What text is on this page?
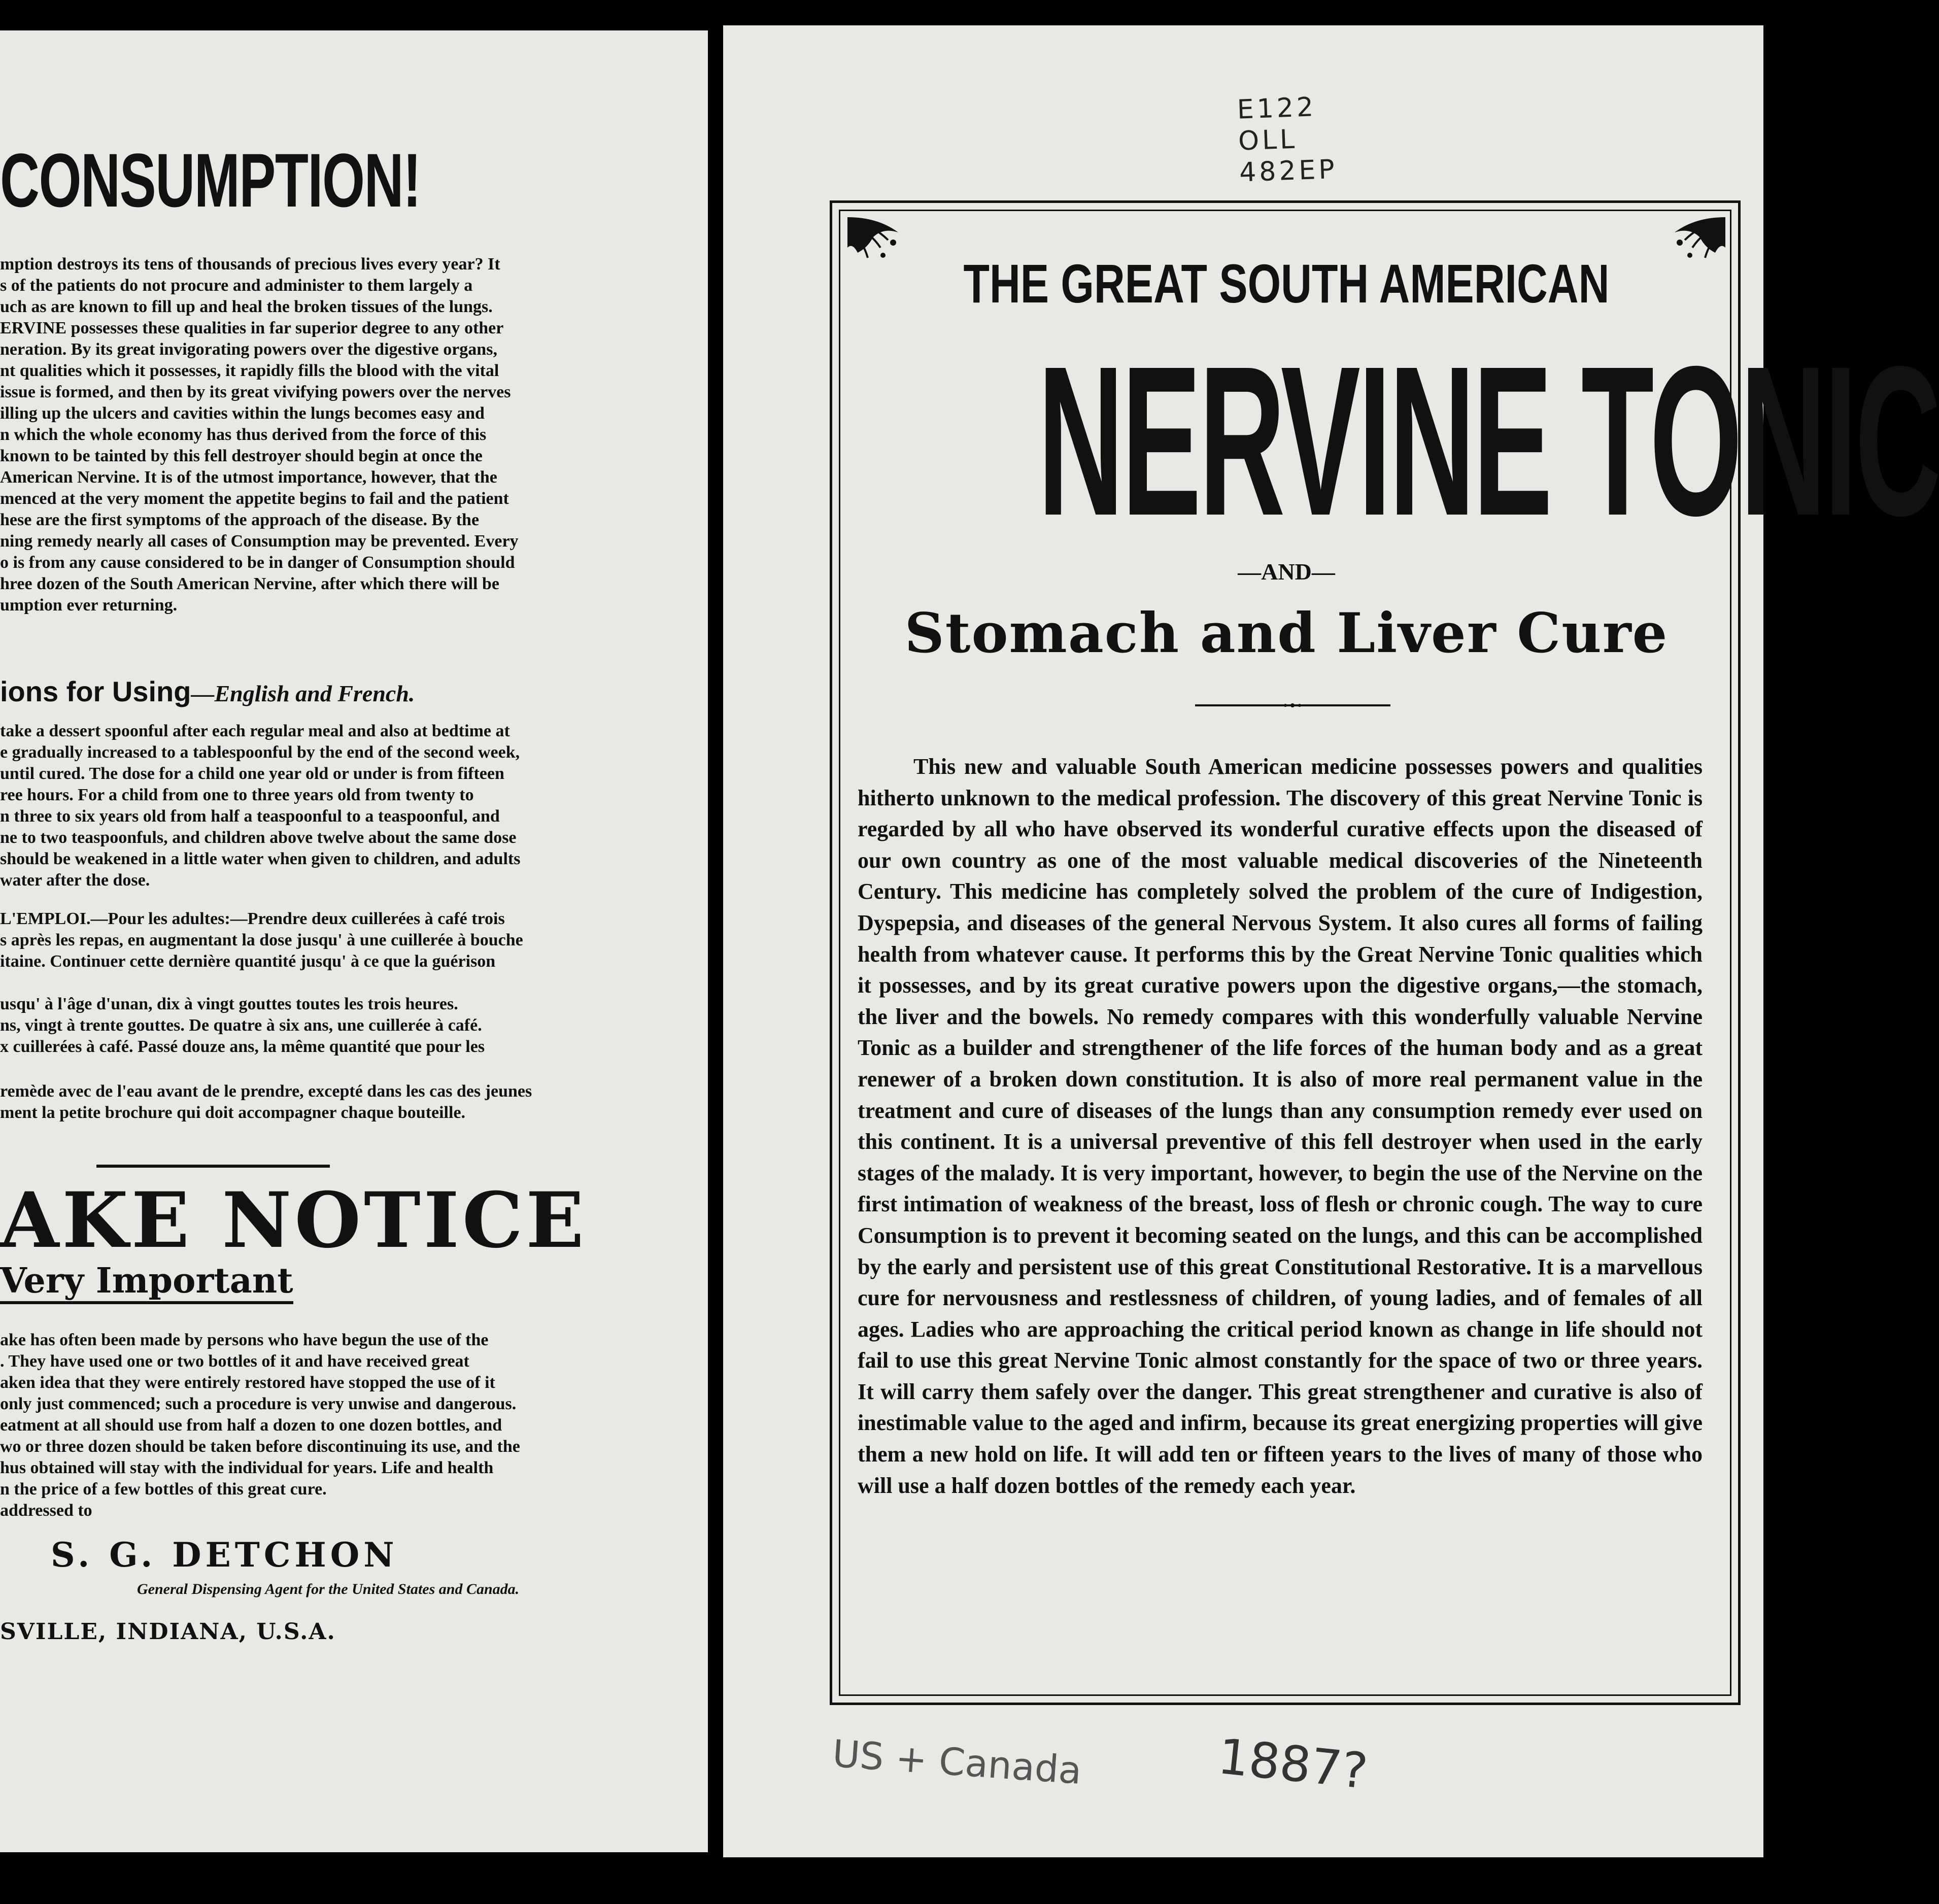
CONSUMPTION!

mption destroys its tens of thousands of precious lives every year? It

s of the patients do not procure and administer to them largely a

uch as are known to fill up and heal the broken tissues of the lungs.

ERVINE possesses these qualities in far superior degree to any other

neration. By its great invigorating powers over the digestive organs,

nt qualities which it possesses, it rapidly fills the blood with the vital

issue is formed, and then by its great vivifying powers over the nerves

illing up the ulcers and cavities within the lungs becomes easy and

n which the whole economy has thus derived from the force of this

known to be tainted by this fell destroyer should begin at once the

American Nervine. It is of the utmost importance, however, that the

menced at the very moment the appetite begins to fail and the patient

hese are the first symptoms of the approach of the disease. By the

ning remedy nearly all cases of Consumption may be prevented. Every

o is from any cause considered to be in danger of Consumption should

hree dozen of the South American Nervine, after which there will be

umption ever returning.

ions for Using—English and French.

take a dessert spoonful after each regular meal and also at bedtime at

e gradually increased to a tablespoonful by the end of the second week,

until cured. The dose for a child one year old or under is from fifteen

ree hours. For a child from one to three years old from twenty to

n three to six years old from half a teaspoonful to a teaspoonful, and

ne to two teaspoonfuls, and children above twelve about the same dose

should be weakened in a little water when given to children, and adults

water after the dose.

L'EMPLOI.—Pour les adultes:—Prendre deux cuillerées à café trois

s après les repas, en augmentant la dose jusqu' à une cuillerée à bouche

itaine. Continuer cette dernière quantité jusqu' à ce que la guérison

usqu' à l'âge d'unan, dix à vingt gouttes toutes les trois heures.

ns, vingt à trente gouttes. De quatre à six ans, une cuillerée à café.

x cuillerées à café. Passé douze ans, la même quantité que pour les

remède avec de l'eau avant de le prendre, excepté dans les cas des jeunes

ment la petite brochure qui doit accompagner chaque bouteille.

AKE NOTICE
Very Important

ake has often been made by persons who have begun the use of the

. They have used one or two bottles of it and have received great

aken idea that they were entirely restored have stopped the use of it

only just commenced; such a procedure is very unwise and dangerous.

eatment at all should use from half a dozen to one dozen bottles, and

wo or three dozen should be taken before discontinuing its use, and the

hus obtained will stay with the individual for years. Life and health

n the price of a few bottles of this great cure.

addressed to

S. G. DETCHON
General Dispensing Agent for the United States and Canada.
SVILLE, INDIANA, U.S.A.
E122
OLL
482EP
THE GREAT SOUTH AMERICAN
NERVINE TONIC
—AND—
Stomach and Liver Cure

This new and valuable South American medicine possesses powers and qualities hitherto unknown to the medical profession. The discovery of this great Nervine Tonic is regarded by all who have observed its wonderful curative effects upon the diseased of our own country as one of the most valuable medical discoveries of the Nineteenth Century. This medicine has completely solved the problem of the cure of Indigestion, Dyspepsia, and diseases of the general Nervous System. It also cures all forms of failing health from whatever cause. It performs this by the Great Nervine Tonic qualities which it possesses, and by its great curative powers upon the digestive organs,—the stomach, the liver and the bowels. No remedy compares with this wonderfully valuable Nervine Tonic as a builder and strengthener of the life forces of the human body and as a great renewer of a broken down constitution. It is also of more real permanent value in the treatment and cure of diseases of the lungs than any consumption remedy ever used on this continent. It is a universal preventive of this fell destroyer when used in the early stages of the malady. It is very important, however, to begin the use of the Nervine on the first intimation of weakness of the breast, loss of flesh or chronic cough. The way to cure Consumption is to prevent it becoming seated on the lungs, and this can be accomplished by the early and persistent use of this great Constitutional Restorative. It is a marvellous cure for nervousness and restlessness of children, of young ladies, and of females of all ages. Ladies who are approaching the critical period known as change in life should not fail to use this great Nervine Tonic almost constantly for the space of two or three years. It will carry them safely over the danger. This great strengthener and curative is also of inestimable value to the aged and infirm, because its great energizing properties will give them a new hold on life. It will add ten or fifteen years to the lives of many of those who will use a half dozen bottles of the remedy each year.

US + Canada	1887?
